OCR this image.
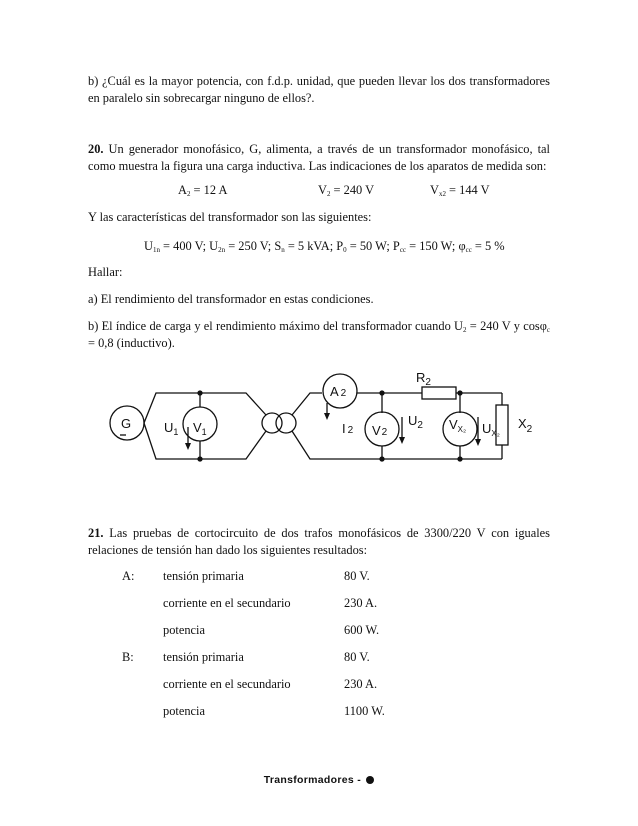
b) ¿Cuál es la mayor potencia, con f.d.p. unidad, que pueden llevar los dos transformadores en paralelo sin sobrecargar ninguno de ellos?.

20. Un generador monofásico, G, alimenta, a través de un transformador monofásico, tal como muestra la figura una carga inductiva. Las indicaciones de los aparatos de medida son:

$A_2 = 12$ A	$V_2 = 240$ V	$V_{x2} = 144$ V

Y las características del transformador son las siguientes:

$U_{1n} = 400$ V; $U_{2n} = 250$ V; $S_n = 5$ kVA; $P_0 = 50$ W; $P_{cc} = 150$ W; $\varphi_{cc} = 5$ %

Hallar:

a) El rendimiento del transformador en estas condiciones.

b) El índice de carga y el rendimiento máximo del transformador cuando $U_2 = 240$ V y cosφ$_c$ = 0,8 (inductivo).

G	$U_1$ $V_1$
A 2
I 2 V2
$U_2$
$R_2$
$V_{X_2}$ $U_{X_2}$
$X_2$

21. Las pruebas de cortocircuito de dos trafos monofásicos de 3300/220 V con iguales relaciones de tensión han dado los siguientes resultados:

A: tensión primaria	80 V.
corriente en el secundario	230 A.
potencia	600 W.
B: tensión primaria	80 V.
corriente en el secundario	230 A.
potencia	1100 W.
Transformadores -
